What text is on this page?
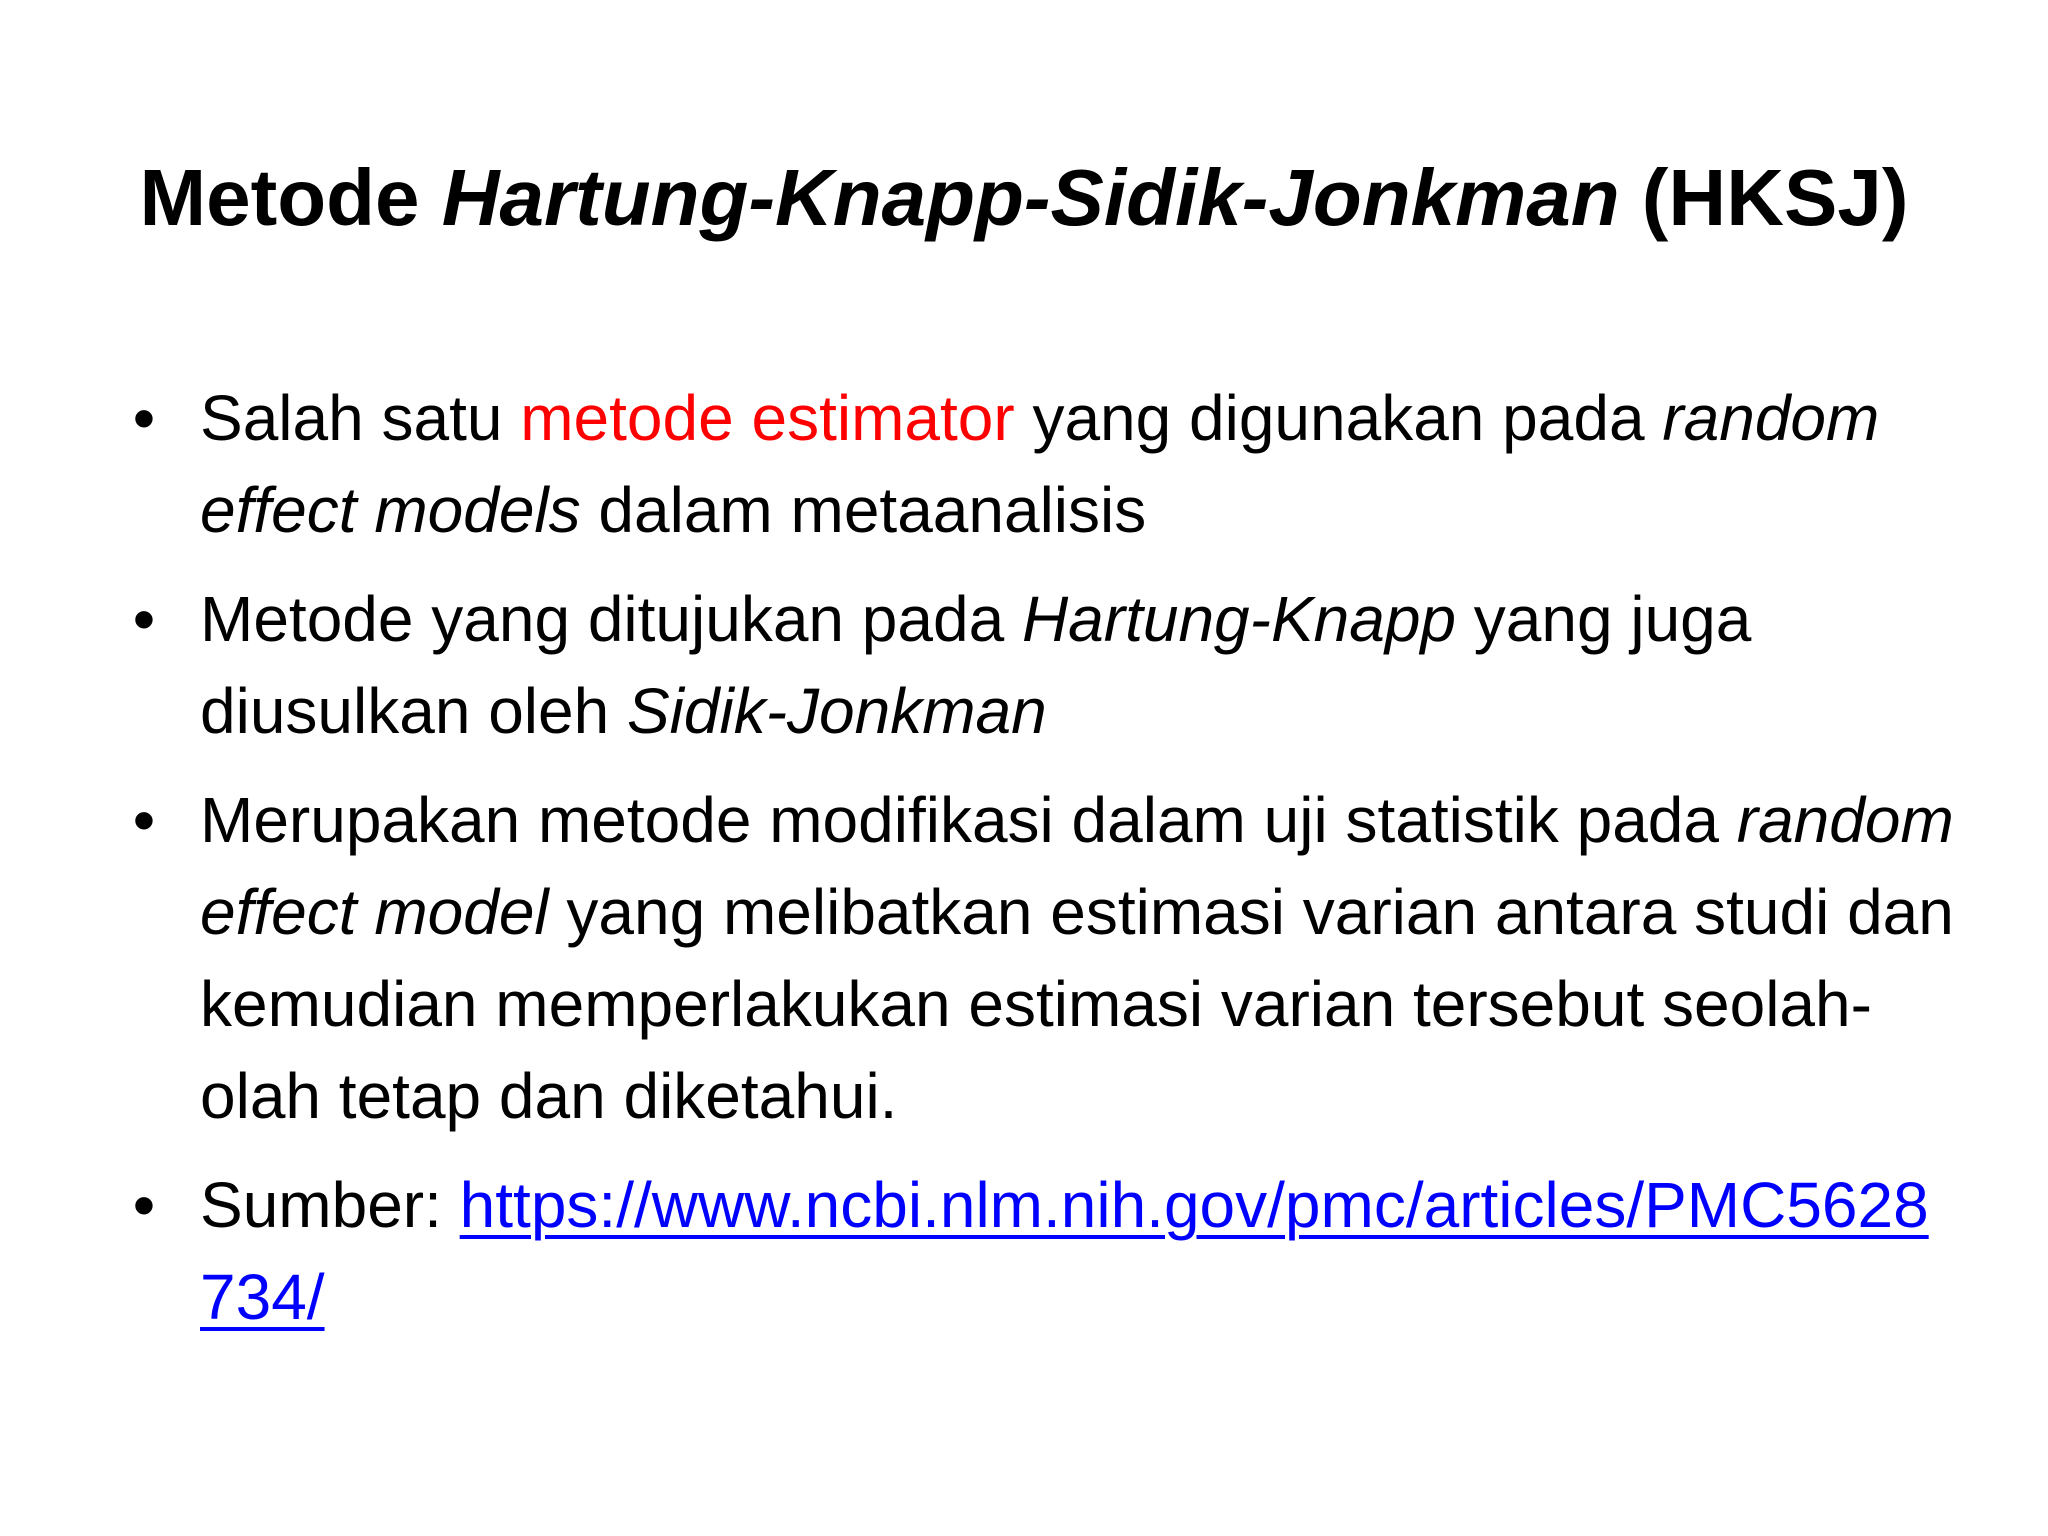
Metode Hartung-Knapp-Sidik-Jonkman (HKSJ)
• Salah satu metode estimator yang digunakan pada random effect models dalam metaanalisis
• Metode yang ditujukan pada Hartung-Knapp yang juga diusulkan oleh Sidik-Jonkman
• Merupakan metode modifikasi dalam uji statistik pada random effect model yang melibatkan estimasi varian antara studi dan kemudian memperlakukan estimasi varian tersebut seolah-olah tetap dan diketahui.
• Sumber: https://www.ncbi.nlm.nih.gov/pmc/articles/PMC5628734/
